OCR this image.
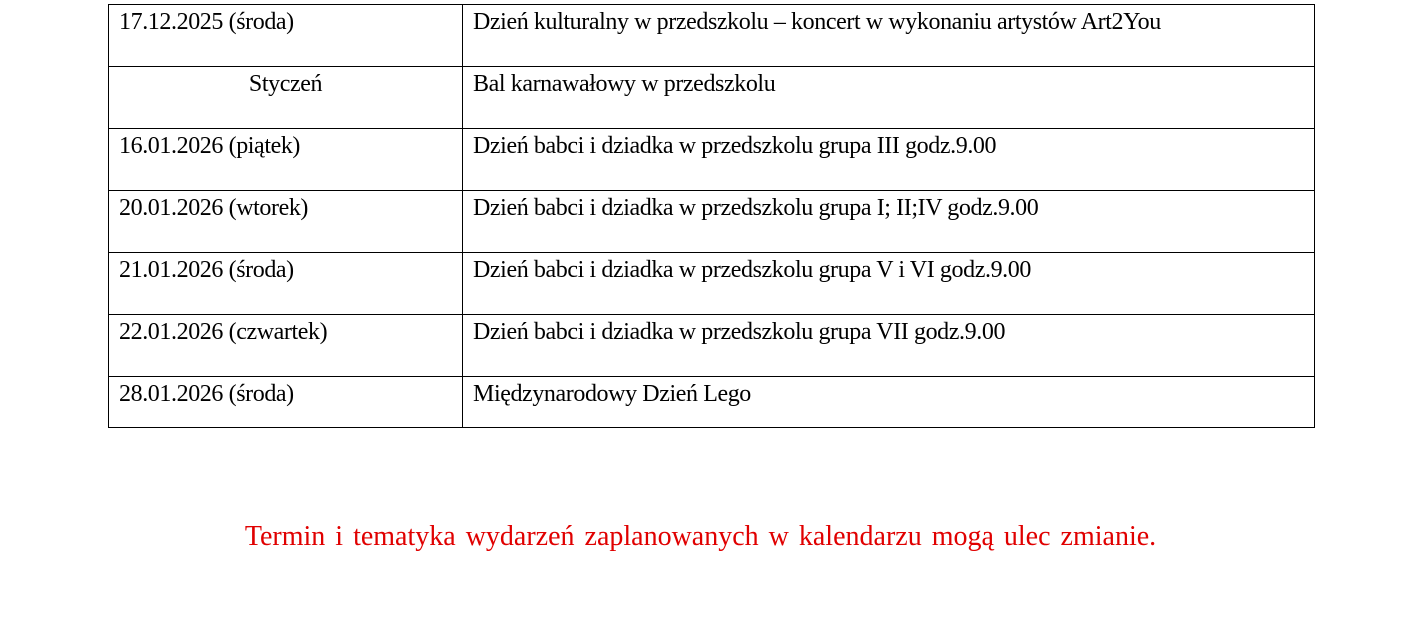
17.12.2025 (środa)	Dzień kulturalny w przedszkolu – koncert w wykonaniu artystów Art2You
Styczeń	Bal karnawałowy w przedszkolu
16.01.2026 (piątek)	Dzień babci i dziadka w przedszkolu grupa III godz.9.00
20.01.2026 (wtorek)	Dzień babci i dziadka w przedszkolu grupa I; II;IV godz.9.00
21.01.2026 (środa)	Dzień babci i dziadka w przedszkolu grupa V i VI godz.9.00
22.01.2026 (czwartek)	Dzień babci i dziadka w przedszkolu grupa VII godz.9.00
28.01.2026 (środa)	Międzynarodowy Dzień Lego
Termin i tematyka wydarzeń zaplanowanych w kalendarzu mogą ulec zmianie.
